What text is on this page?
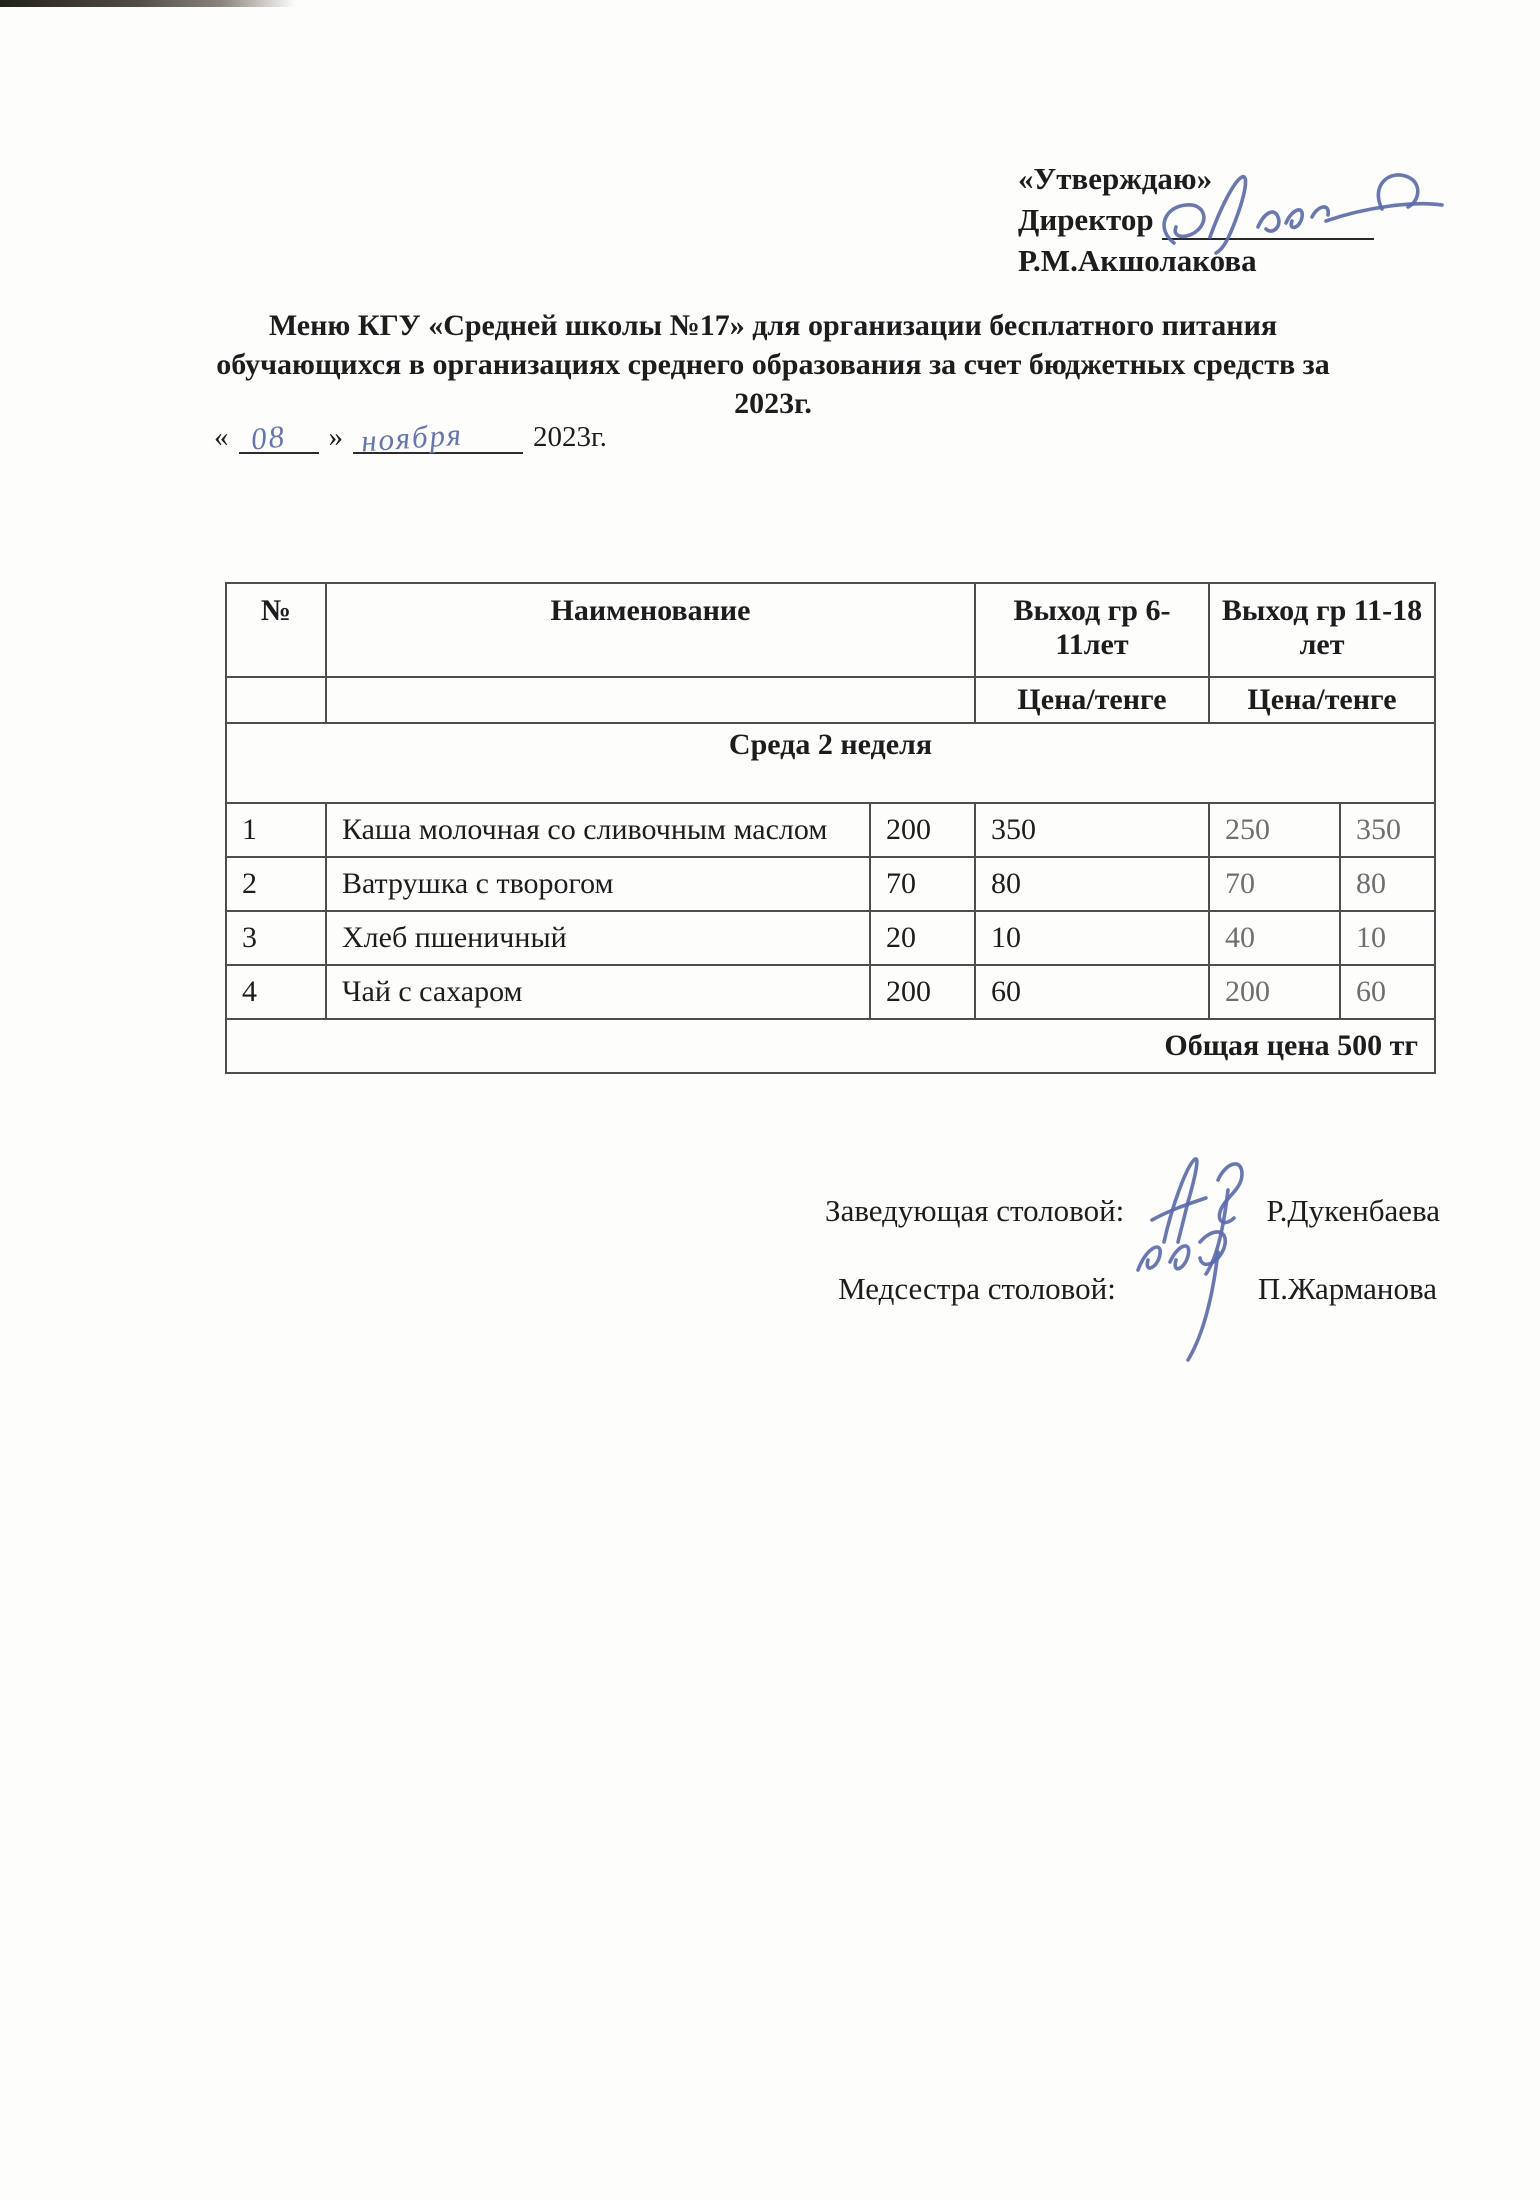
«Утверждаю»
Директор
Р.М.Акшолакова
Меню КГУ «Средней школы №17» для организации бесплатного питания
обучающихся в организациях среднего образования за счет бюджетных средств за
2023г.
« 08 » ноября 2023г.
№	Наименование		Выход гр 6-11лет	Выход гр 11-18 лет	
			Цена/тенге	Цена/тенге	
Среда 2 неделя					
1	Каша молочная со сливочным маслом	200	350	250	350
2	Ватрушка с творогом	70	80	70	80
3	Хлеб пшеничный	20	10	40	10
4	Чай с сахаром	200	60	200	60
Общая цена 500 тг					
Заведующая столовой:	Р.Дукенбаева
Медсестра столовой:	П.Жарманова
